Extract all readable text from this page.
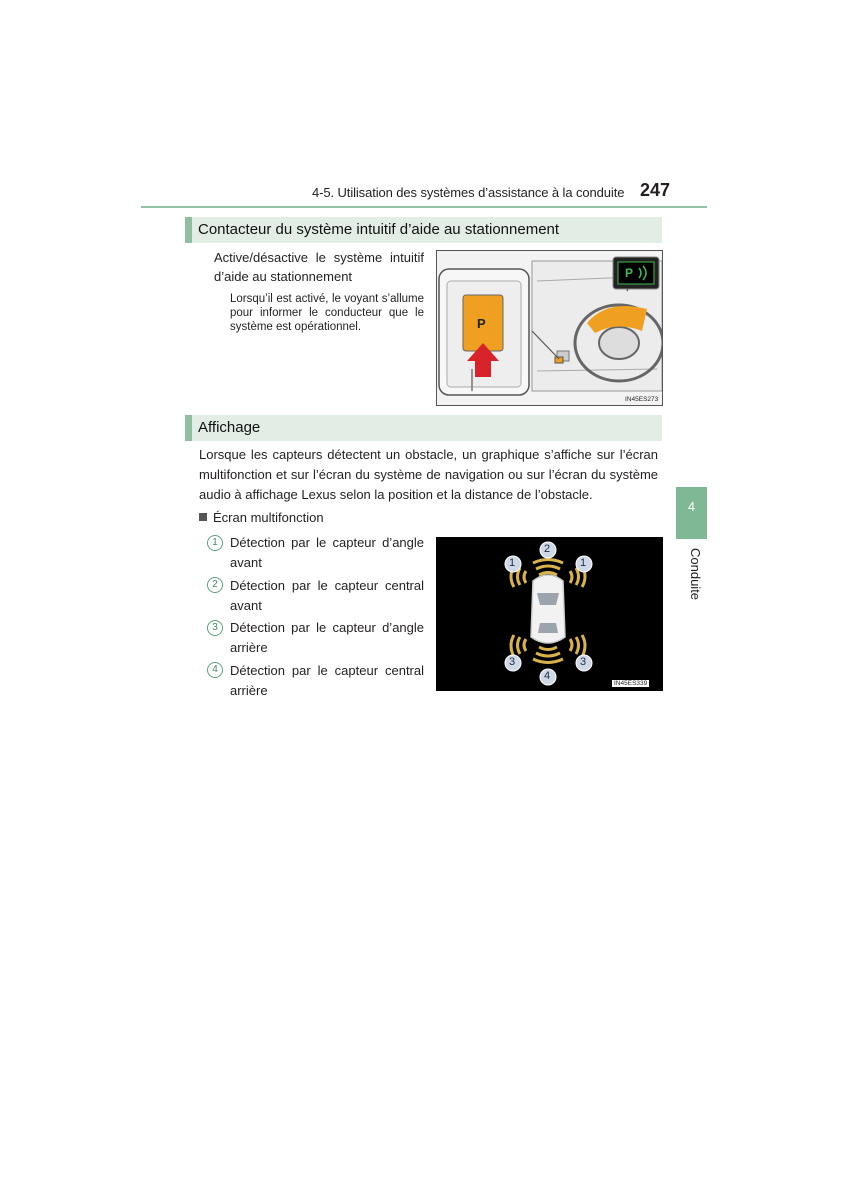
4-5. Utilisation des systèmes d’assistance à la conduite 247
4
Conduite
Contacteur du système intuitif d’aide au stationnement
Active/désactive le système intuitif
d’aide au stationnement
Lorsqu’il est activé, le voyant s’allume
pour informer le conducteur que le
système est opérationnel.	P
P
IN45ES273
Affichage
Lorsque les capteurs détectent un obstacle, un graphique s’affiche sur l’écran
multifonction et sur l’écran du système de navigation ou sur l’écran du système
audio à affichage Lexus selon la position et la distance de l’obstacle.
Écran multifonction
1 Détection par le capteur d’angle
avant
2 Détection par le capteur central
avant
3 Détection par le capteur d’angle
arrière
4 Détection par le capteur central
arrière
2
1	1
3	3
4
IN45ES339
